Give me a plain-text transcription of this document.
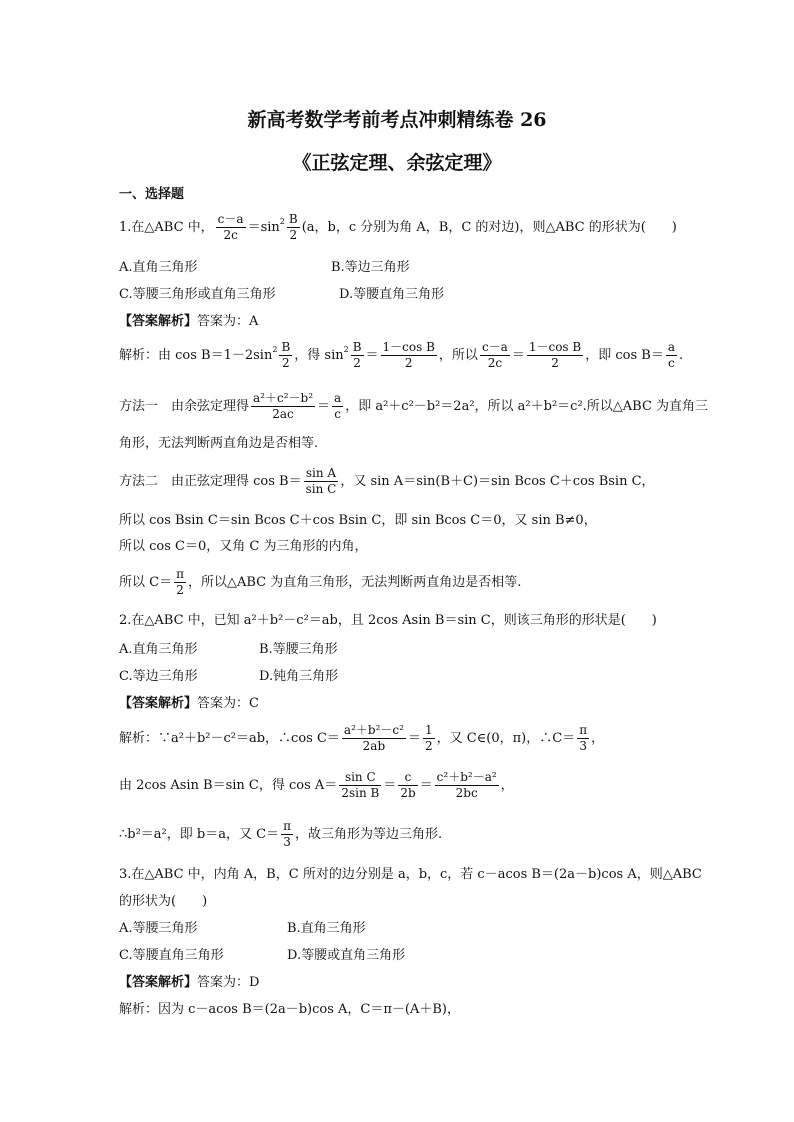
新高考数学考前考点冲刺精练卷 26
《正弦定理、余弦定理》
一、选择题
1.在△ABC 中， $\frac{c-a}{2c} =\sin^2 \frac{B}{2} (a$，b，c 分别为角 A，B，C 的对边)，则△ABC 的形状为(　　)
A.直角三角形	B.等边三角形
C.等腰三角形或直角三角形	D.等腰直角三角形
【答案解析】答案为：A
解析：由 $\cos B=1-2\sin^2 \frac{B}{2}$ ，得 $\sin^2 \frac{B}{2} = \frac{\text{1－cos B}}{2}$ ，所以 $\frac{c-a}{2c} = \frac{\text{1－cos B}}{2}$ ，即 $\cos B= \frac{a}{c}$ .
方法一　由余弦定理得 $\frac{\text{a²＋c²－b²}}{2ac} = \frac{a}{c}$ ，即 a²＋c²－b²＝2a²，所以 a²＋b²＝c².所以△ABC 为直角三
角形，无法判断两直角边是否相等.
方法二　由正弦定理得 $\cos B= \frac{\text{sin A}}{\text{sin C}}$ ，又 sin A＝sin(B＋C)＝sin Bcos C＋cos Bsin C，
所以 cos Bsin C＝sin Bcos C＋cos Bsin C，即 sin Bcos C＝0，又 sin B≠0，
所以 cos C＝0，又角 C 为三角形的内角，
所以 $C= \frac{\pi}{2}$ ，所以△ABC 为直角三角形，无法判断两直角边是否相等.
2.在△ABC 中，已知 a²＋b²－c²＝ab，且 2cos Asin B＝sin C，则该三角形的形状是(　　)
A.直角三角形	B.等腰三角形
C.等边三角形	D.钝角三角形
【答案解析】答案为：C
解析：∵a²＋b²－c²＝ab，∴cos $C= \frac{\text{a²＋b²－c²}}{2ab} = \frac{1}{2}$ ，又 C∈(0，π)，∴C＝ $\frac{\pi}{3}$ ，
由 2cos Asin B＝sin C，得 $\cos A= \frac{\text{sin C}}{\text{2sin B}} = \frac{c}{2b} = \frac{\text{c²＋b²－a²}}{2bc}$ ，
∴b²＝a²，即 b＝a，又 $C= \frac{\pi}{3}$ ，故三角形为等边三角形.
3.在△ABC 中，内角 A，B，C 所对的边分别是 a，b，c，若 c－acos B＝(2a－b)cos A，则△ABC
的形状为(　　)
A.等腰三角形	B.直角三角形
C.等腰直角三角形	D.等腰或直角三角形
【答案解析】答案为：D
解析：因为 c－acos B＝(2a－b)cos A，C＝π－(A＋B)，
